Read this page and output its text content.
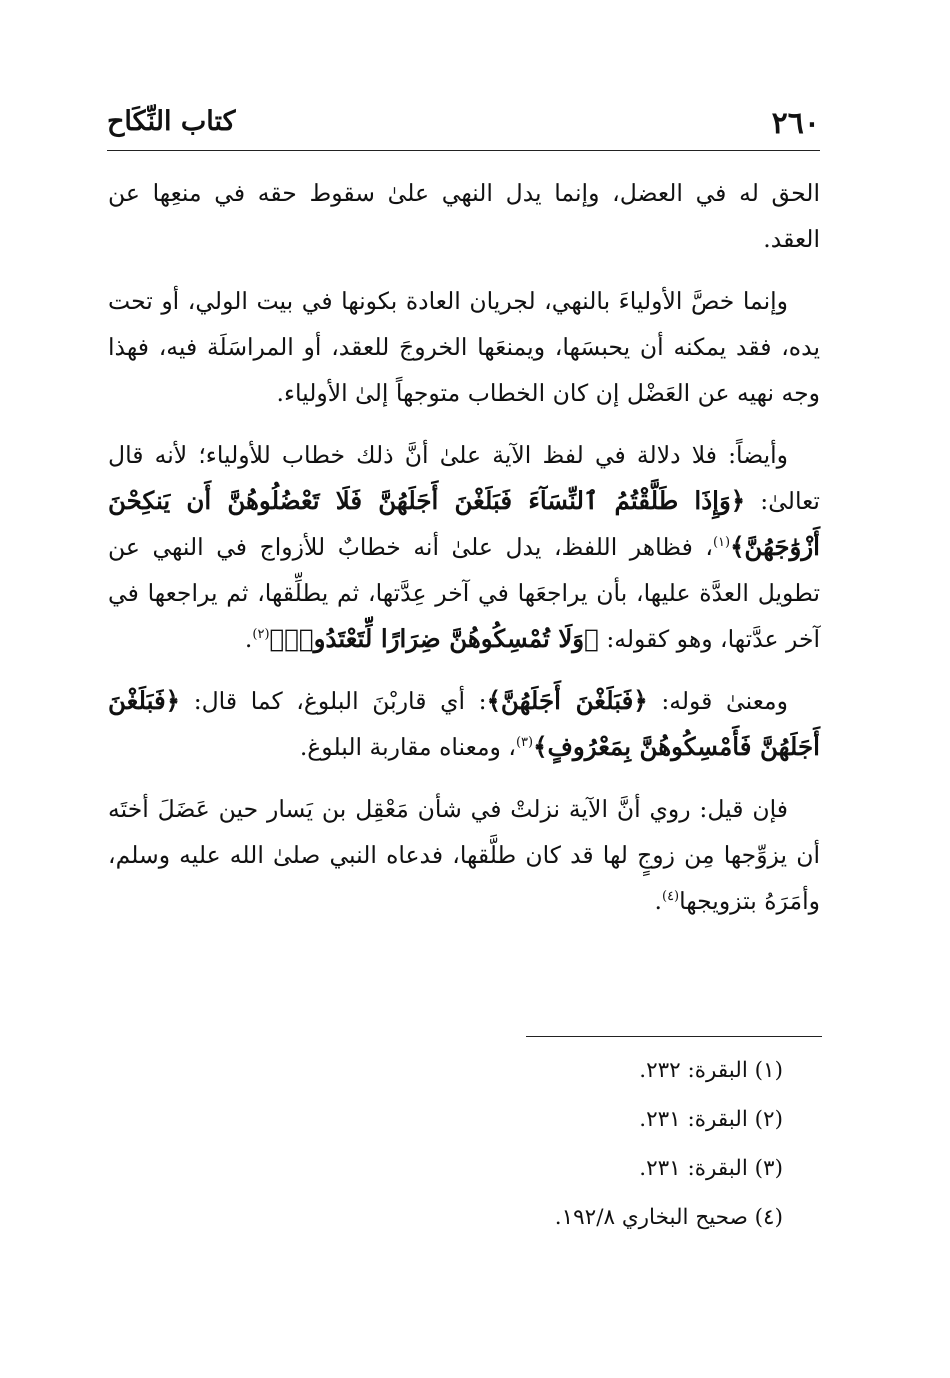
٢٦٠
كتاب النِّكَاح

الحق له في العضل، وإنما يدل النهي علىٰ سقوط حقه في منعِها عن العقد.

وإنما خصَّ الأولياءَ بالنهي، لجريان العادة بكونها في بيت الولي، أو تحت يده، فقد يمكنه أن يحبسَها، ويمنعَها الخروجَ للعقد، أو المراسَلَة فيه، فهذا وجه نهيه عن العَضْل إن كان الخطاب متوجهاً إلىٰ الأولياء.

وأيضاً: فلا دلالة في لفظ الآية علىٰ أنَّ ذلك خطاب للأولياء؛ لأنه قال تعالىٰ: ﴿وَإِذَا طَلَّقْتُمُ ٱلنِّسَآءَ فَبَلَغْنَ أَجَلَهُنَّ فَلَا تَعْضُلُوهُنَّ أَن يَنكِحْنَ أَزْوَٰجَهُنَّ﴾$^{(١)}$، فظاهر اللفظ، يدل علىٰ أنه خطابٌ للأزواج في النهي عن تطويل العدَّة عليها، بأن يراجعَها في آخر عِدَّتها، ثم يطلِّقها، ثم يراجعها في آخر عدَّتها، وهو كقوله: ﴿وَلَا تُمْسِكُوهُنَّ ضِرَارًا لِّتَعْتَدُوا۟﴾$^{(٢)}$.

ومعنىٰ قوله: ﴿فَبَلَغْنَ أَجَلَهُنَّ﴾: أي قاربْنَ البلوغ، كما قال: ﴿فَبَلَغْنَ أَجَلَهُنَّ فَأَمْسِكُوهُنَّ بِمَعْرُوفٍ﴾$^{(٣)}$، ومعناه مقاربة البلوغ.

فإن قيل: روي أنَّ الآية نزلتْ في شأن مَعْقِل بن يَسار حين عَضَلَ أختَه أن يزوِّجها مِن زوجٍ لها قد كان طلَّقها، فدعاه النبي صلىٰ الله عليه وسلم، وأمَرَهُ بتزويجها$^{(٤)}$.

(١) البقرة: ٢٣٢.
(٢) البقرة: ٢٣١.
(٣) البقرة: ٢٣١.
(٤) صحيح البخاري ١٩٢/٨.
